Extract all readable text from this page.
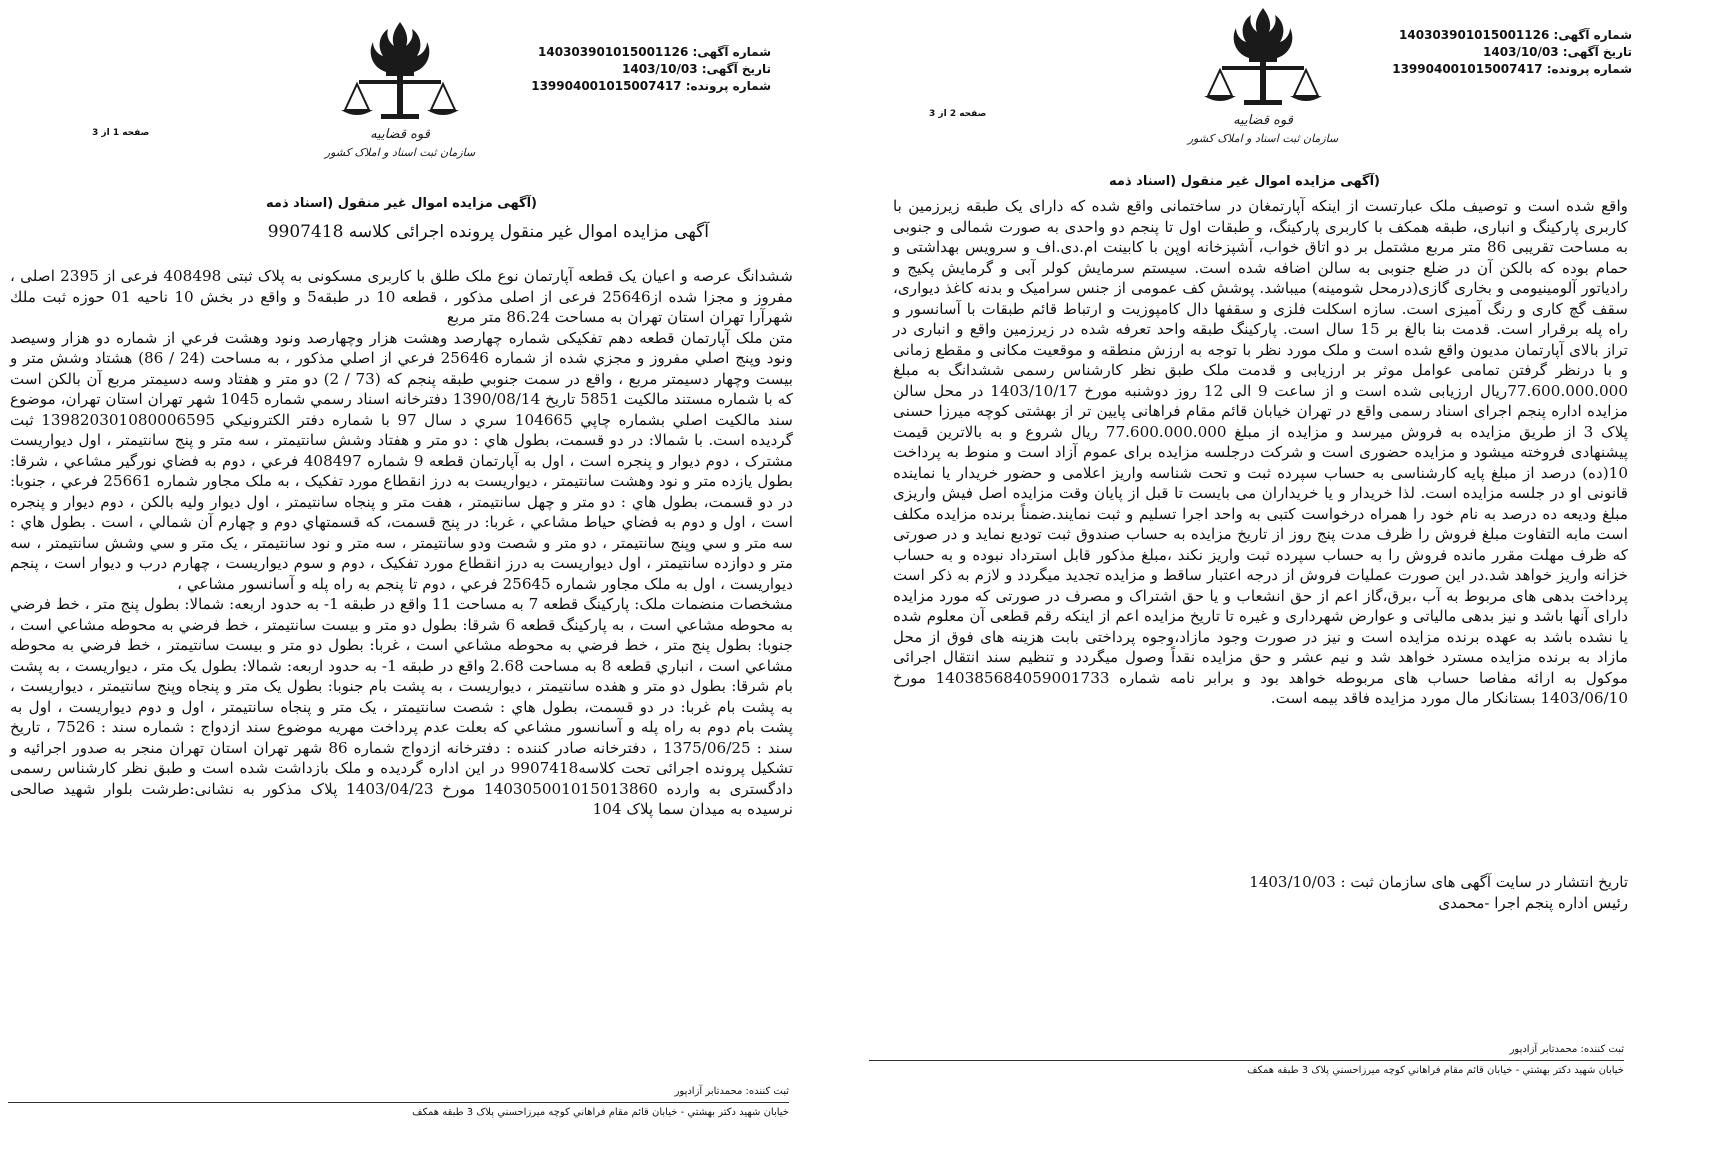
شماره آگهی: 140303901015001126
تاریخ آگهی: 1403/10/03
شماره پرونده: 139904001015007417
قوه قضاییه
سازمان ثبت اسناد و املاک کشور
صفحه 1 از 3
(آگهی مزایده اموال غیر منقول (اسناد ذمه
آگهی مزایده اموال غیر منقول پرونده اجرائی کلاسه 9907418

ششدانگ عرصه و اعیان یک قطعه آپارتمان نوع ملک طلق با کاربری مسکونی به پلاک ثبتی 408498 فرعی از 2395 اصلی ، مفروز و مجزا شده از25646 فرعی از اصلی مذکور ، قطعه 10 در طبقه5 و واقع در بخش 10 ناحیه 01 حوزه ثبت ملك شهرآرا تهران استان تهران به مساحت 86.24 متر مربع

متن ملک آپارتمان قطعه دهم تفکیکی شماره چهارصد وهشت هزار وچهارصد ونود وهشت فرعي از شماره دو هزار وسیصد ونود وپنج اصلي مفروز و مجزي شده از شماره 25646 فرعي از اصلي مذکور ، به مساحت (24 / 86) هشتاد وشش متر و بيست وچهار دسيمتر مربع ، واقع در سمت جنوبي طبقه پنجم که (73 / 2) دو متر و هفتاد وسه دسيمتر مربع آن بالکن است که با شماره مستند مالکيت 5851 تاريخ 1390/08/14 دفترخانه اسناد رسمي شماره 1045 شهر تهران استان تهران، موضوع سند مالکیت اصلي بشماره چاپي 104665 سري د سال 97 با شماره دفتر الكترونيكي 139820301080006595 ثبت گرديده است. با شمالا: در دو قسمت، بطول هاي : دو متر و هفتاد وشش سانتيمتر ، سه متر و پنج سانتيمتر ، اول ديواريست مشترک ، دوم ديوار و پنجره است ، اول به آپارتمان قطعه 9 شماره 408497 فرعي ، دوم به فضاي نورگير مشاعي ، شرقا: بطول يازده متر و نود وهشت سانتيمتر ، ديواريست به درز انقطاع مورد تفکيک ، به ملک مجاور شماره 25661 فرعي ، جنوبا: در دو قسمت، بطول هاي : دو متر و چهل سانتيمتر ، هفت متر و پنجاه سانتيمتر ، اول ديوار وليه بالکن ، دوم ديوار و پنجره است ، اول و دوم به فضاي حياط مشاعي ، غربا: در پنج قسمت، که قسمتهاي دوم و چهارم آن شمالي ، است . بطول هاي : سه متر و سي وپنج سانتيمتر ، دو متر و شصت ودو سانتيمتر ، سه متر و نود سانتيمتر ، يک متر و سي وشش سانتيمتر ، سه متر و دوازده سانتيمتر ، اول ديواريست به درز انقطاع مورد تفکيک ، دوم و سوم ديواريست ، چهارم درب و ديوار است ، پنجم ديواريست ، اول به ملک مجاور شماره 25645 فرعي ، دوم تا پنجم به راه پله و آسانسور مشاعي ،

مشخصات منضمات ملک: پارکينگ قطعه 7 به مساحت 11 واقع در طبقه 1- به حدود اربعه: شمالا: بطول پنج متر ، خط فرضي به محوطه مشاعي است ، به پارکينگ قطعه 6 شرقا: بطول دو متر و بيست سانتيمتر ، خط فرضي به محوطه مشاعي است ، جنوبا: بطول پنج متر ، خط فرضي به محوطه مشاعي است ، غربا: بطول دو متر و بيست سانتيمتر ، خط فرضي به محوطه مشاعي است ، انباري قطعه 8 به مساحت 2.68 واقع در طبقه 1- به حدود اربعه: شمالا: بطول يک متر ، ديواريست ، به پشت بام شرقا: بطول دو متر و هفده سانتيمتر ، ديواريست ، به پشت بام جنوبا: بطول يک متر و پنجاه وپنج سانتيمتر ، ديواريست ، به پشت بام غربا: در دو قسمت، بطول هاي : شصت سانتيمتر ، يک متر و پنجاه سانتيمتر ، اول و دوم ديواريست ، اول به پشت بام دوم به راه پله و آسانسور مشاعي که بعلت عدم پرداخت مهریه موضوع سند ازدواج : شماره سند : 7526 ، تاریخ سند : 1375/06/25 ، دفترخانه صادر کننده : دفترخانه ازدواج شماره 86 شهر تهران استان تهران منجر به صدور اجرائیه و تشکیل پرونده اجرائی تحت کلاسه9907418 در این اداره گردیده و ملک بازداشت شده است و طبق نظر کارشناس رسمی دادگستری به وارده 140305001015013860 مورخ 1403/04/23 پلاک مذکور به نشانی:طرشت بلوار شهید صالحی نرسیده به میدان سما پلاک 104

ثبت کننده: محمدتابر آزادپور
خيابان شهيد دکتر بهشتي - خيابان قائم مقام فراهاني کوچه ميرزاحسني پلاک 3 طبقه همكف
شماره آگهی: 140303901015001126
تاریخ آگهی: 1403/10/03
شماره پرونده: 139904001015007417
قوه قضاییه
سازمان ثبت اسناد و املاک کشور
صفحه 2 از 3
(آگهی مزایده اموال غیر منقول (اسناد ذمه

واقع شده است و توصیف ملک عبارتست از اینکه آپارتمغان در ساختمانی واقع شده که دارای یک طبقه زیرزمین با کاربری پارکینگ و انباری، طبقه همکف با کاربری پارکینگ، و طبقات اول تا پنجم دو واحدی به صورت شمالی و جنوبی به مساحت تقریبی 86 متر مربع مشتمل بر دو اتاق خواب، آشپزخانه اوپن با کابینت ام.دی.اف و سرویس بهداشتی و حمام بوده که بالکن آن در ضلع جنوبی به سالن اضافه شده است. سیستم سرمایش کولر آبی و گرمایش پکیج و رادیاتور آلومینیومی و بخاری گازی(درمحل شومینه) میباشد. پوشش کف عمومی از جنس سرامیک و بدنه کاغذ دیواری، سقف گچ کاری و رنگ آمیزی است. سازه اسکلت فلزی و سقفها دال کامپوزیت و ارتباط قائم طبقات با آسانسور و راه پله برقرار است. قدمت بنا بالغ بر 15 سال است. پارکینگ طبقه واحد تعرفه شده در زیرزمین واقع و انباری در تراز بالای آپارتمان مدیون واقع شده است و ملک مورد نظر با توجه به ارزش منطقه و موقعیت مکانی و مقطع زمانی و با درنظر گرفتن تمامی عوامل موثر بر ارزیابی و قدمت ملک طبق نظر کارشناس رسمی ششدانگ به مبلغ 77.600.000.000ریال ارزیابی شده است و از ساعت 9 الی 12 روز دوشنبه مورخ 1403/10/17 در محل سالن مزایده اداره پنجم اجرای اسناد رسمی واقع در تهران خیابان قائم مقام فراهانی پایین تر از بهشتی کوچه میرزا حسنی پلاک 3 از طریق مزایده به فروش میرسد و مزایده از مبلغ 77.600.000.000 ریال شروع و به بالاترین قیمت پیشنهادی فروخته میشود و مزایده حضوری است و شرکت درجلسه مزایده برای عموم آزاد است و منوط به پرداخت 10(ده) درصد از مبلغ پایه کارشناسی به حساب سپرده ثبت و تحت شناسه واریز اعلامی و حضور خریدار یا نماینده قانونی او در جلسه مزایده است. لذا خریدار و یا خریداران می بایست تا قبل از پایان وقت مزایده اصل فیش واریزی مبلغ ودیعه ده درصد به نام خود را همراه درخواست کتبی به واحد اجرا تسلیم و ثبت نمایند.ضمناً برنده مزایده مکلف است مابه التفاوت مبلغ فروش را ظرف مدت پنج روز از تاریخ مزایده به حساب صندوق ثبت تودیع نماید و در صورتی که ظرف مهلت مقرر مانده فروش را به حساب سپرده ثبت واریز نکند ،مبلغ مذکور قابل استرداد نبوده و به حساب خزانه واریز خواهد شد.در این صورت عملیات فروش از درجه اعتبار ساقط و مزایده تجدید میگردد و لازم به ذکر است پرداخت بدهی های مربوط به آب ،برق،گاز اعم از حق انشعاب و یا حق اشتراک و مصرف در صورتی که مورد مزایده دارای آنها باشد و نیز بدهی مالیاتی و عوارض شهرداری و غیره تا تاریخ مزایده اعم از اینکه رقم قطعی آن معلوم شده یا نشده باشد به عهده برنده مزایده است و نیز در صورت وجود مازاد،وجوه پرداختی بابت هزینه های فوق از محل مازاد به برنده مزایده مسترد خواهد شد و نیم عشر و حق مزایده نقداً وصول میگردد و تنظیم سند انتقال اجرائی موکول به ارائه مفاصا حساب های مربوطه خواهد بود و برابر نامه شماره 140385684059001733 مورخ 1403/06/10 بستانکار مال مورد مزایده فاقد بیمه است.

تاریخ انتشار در سایت آگهی های سازمان ثبت : 1403/10/03
رئیس اداره پنجم اجرا -محمدی
ثبت کننده: محمدتابر آزادپور
خيابان شهيد دکتر بهشتي - خيابان قائم مقام فراهاني کوچه ميرزاحسني پلاک 3 طبقه همكف
